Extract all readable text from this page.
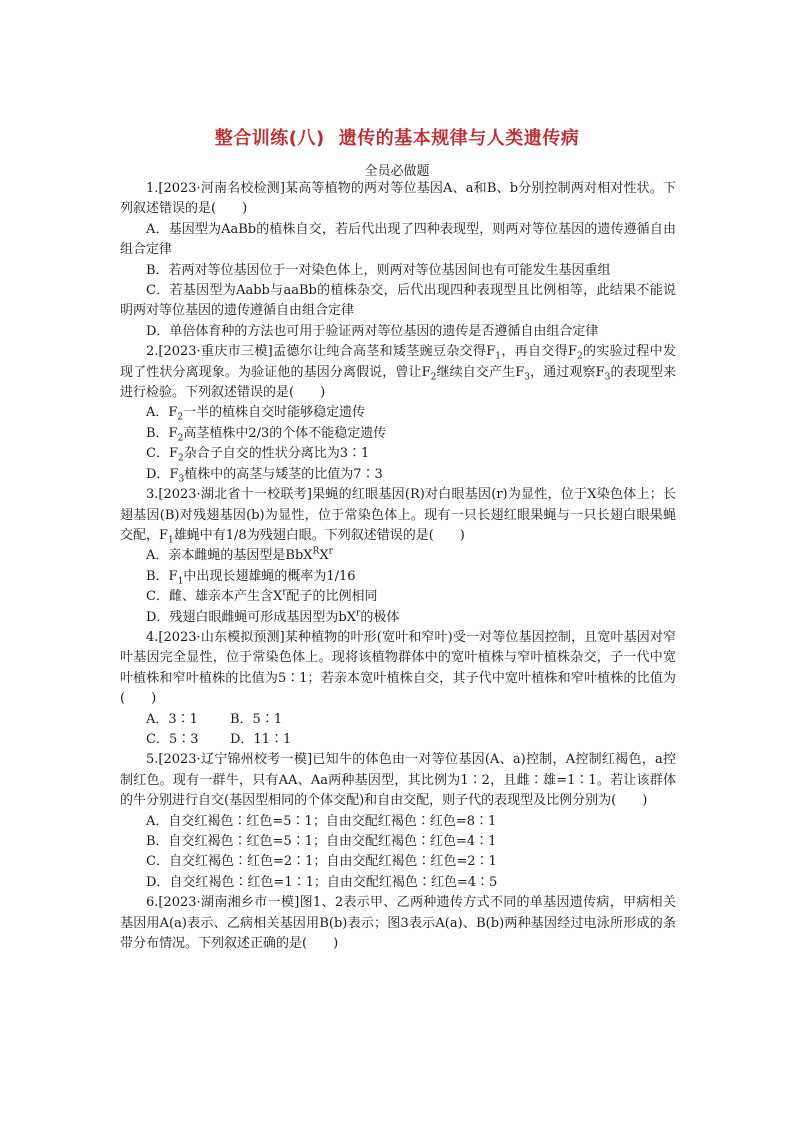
整合训练(八) 遗传的基本规律与人类遗传病
全员必做题

1.[2023·河南名校检测]某高等植物的两对等位基因A、a和B、b分别控制两对相对性状。下列叙述错误的是(　　)

A．基因型为AaBb的植株自交，若后代出现了四种表现型，则两对等位基因的遗传遵循自由组合定律

B．若两对等位基因位于一对染色体上，则两对等位基因间也有可能发生基因重组

C．若基因型为Aabb与aaBb的植株杂交，后代出现四种表现型且比例相等，此结果不能说明两对等位基因的遗传遵循自由组合定律

D．单倍体育种的方法也可用于验证两对等位基因的遗传是否遵循自由组合定律

2.[2023·重庆市三模]孟德尔让纯合高茎和矮茎豌豆杂交得$F_1$，再自交得$F_2$的实验过程中发现了性状分离现象。为验证他的基因分离假说，曾让$F_2$继续自交产生$F_3$，通过观察$F_3$的表现型来进行检验。下列叙述错误的是(　　)

A．$F_2$一半的植株自交时能够稳定遗传

B．$F_2$高茎植株中2/3的个体不能稳定遗传

C．$F_2$杂合子自交的性状分离比为3∶1

D．$F_3$植株中的高茎与矮茎的比值为7∶3

3.[2023·湖北省十一校联考]果蝇的红眼基因(R)对白眼基因(r)为显性，位于X染色体上；长翅基因(B)对残翅基因(b)为显性，位于常染色体上。现有一只长翅红眼果蝇与一只长翅白眼果蝇交配，$F_1$雄蝇中有1/8为残翅白眼。下列叙述错误的是(　　)

A．亲本雌蝇的基因型是$BbX^RX^r$

B．$F_1$中出现长翅雄蝇的概率为1/16

C．雌、雄亲本产生含$X^r$配子的比例相同

D．残翅白眼雌蝇可形成基因型为$bX^r$的极体

4.[2023·山东模拟预测]某种植物的叶形(宽叶和窄叶)受一对等位基因控制，且宽叶基因对窄叶基因完全显性，位于常染色体上。现将该植物群体中的宽叶植株与窄叶植株杂交，子一代中宽叶植株和窄叶植株的比值为5∶1；若亲本宽叶植株自交，其子代中宽叶植株和窄叶植株的比值为(　　)

A．3∶1 B．5∶1

C．5∶3 D．11∶1

5.[2023·辽宁锦州校考一模]已知牛的体色由一对等位基因(A、a)控制，A控制红褐色，a控制红色。现有一群牛，只有AA、Aa两种基因型，其比例为1∶2，且雌∶雄=1∶1。若让该群体的牛分别进行自交(基因型相同的个体交配)和自由交配，则子代的表现型及比例分别为(　　)

A．自交红褐色∶红色=5∶1；自由交配红褐色∶红色=8∶1

B．自交红褐色∶红色=5∶1；自由交配红褐色∶红色=4∶1

C．自交红褐色∶红色=2∶1；自由交配红褐色∶红色=2∶1

D．自交红褐色∶红色=1∶1；自由交配红褐色∶红色=4∶5

6.[2023·湖南湘乡市一模]图1、2表示甲、乙两种遗传方式不同的单基因遗传病，甲病相关基因用A(a)表示、乙病相关基因用B(b)表示；图3表示A(a)、B(b)两种基因经过电泳所形成的条带分布情况。下列叙述正确的是(　　)
